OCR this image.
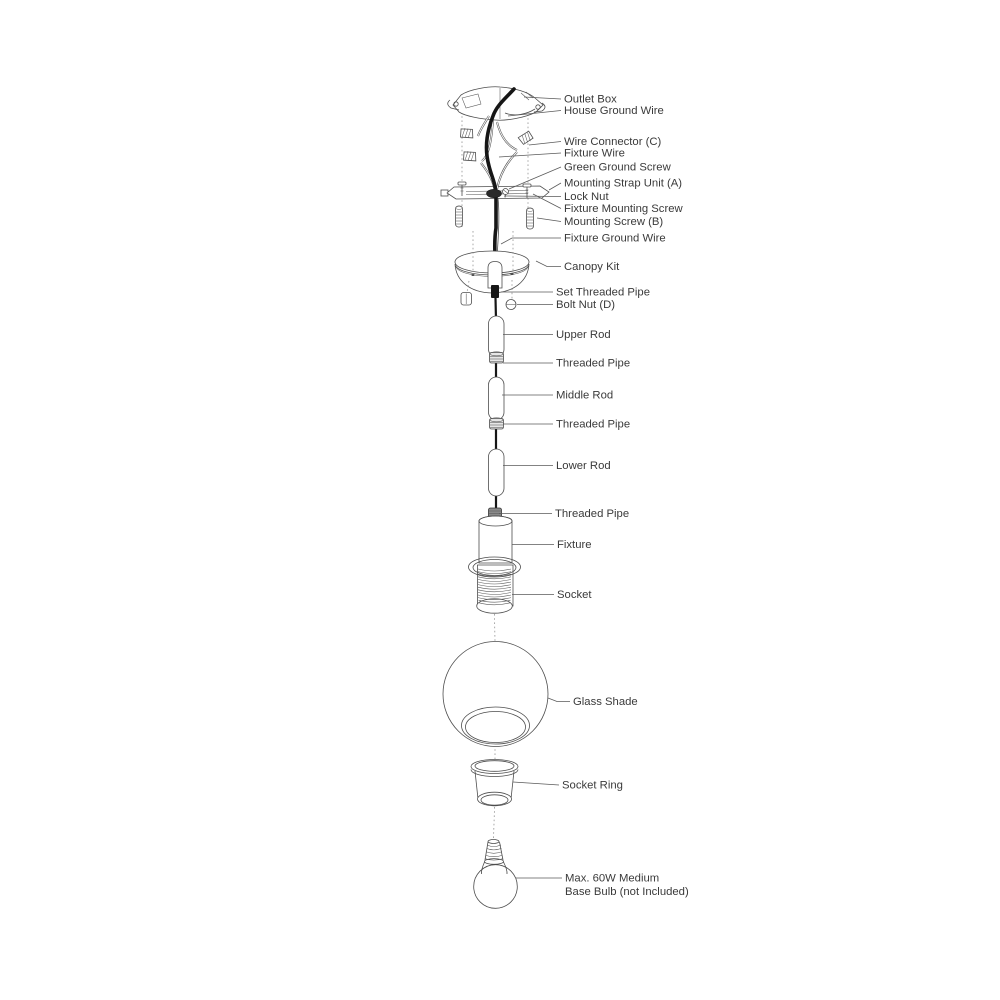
Outlet Box
House Ground Wire
Wire Connector (C)
Fixture Wire
Green Ground Screw
Mounting Strap Unit (A)
Lock Nut
Fixture Mounting Screw
Mounting Screw (B)
Fixture Ground Wire
Canopy Kit
Set Threaded Pipe
Bolt Nut (D)
Upper Rod
Threaded Pipe
Middle Rod
Threaded Pipe
Lower Rod
Threaded Pipe
Fixture
Socket
Glass Shade
Socket Ring
Max. 60W Medium
Base Bulb (not Included)
